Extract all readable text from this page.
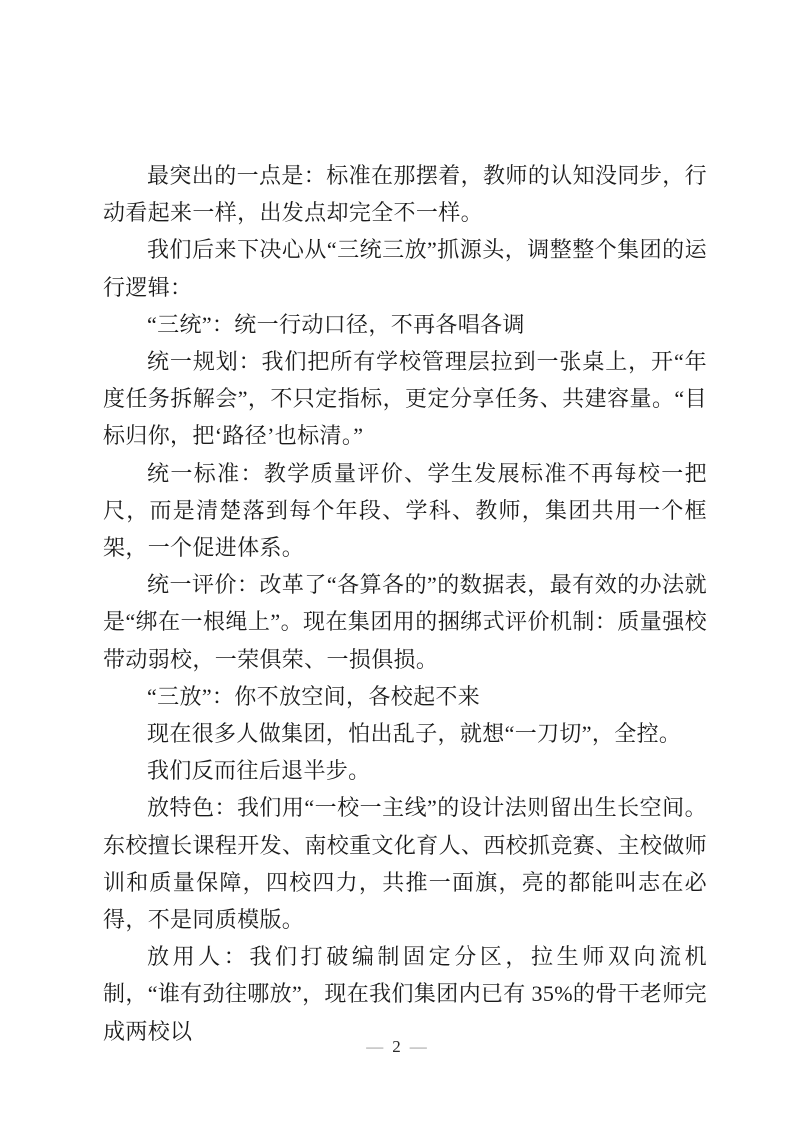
最突出的一点是：标准在那摆着，教师的认知没同步，行动看起来一样，出发点却完全不一样。

我们后来下决心从“三统三放”抓源头，调整整个集团的运行逻辑：

“三统”：统一行动口径，不再各唱各调

统一规划：我们把所有学校管理层拉到一张桌上，开“年度任务拆解会”，不只定指标，更定分享任务、共建容量。“目标归你，把‘路径’也标清。”

统一标准：教学质量评价、学生发展标准不再每校一把尺，而是清楚落到每个年段、学科、教师，集团共用一个框架，一个促进体系。

统一评价：改革了“各算各的”的数据表，最有效的办法就是“绑在一根绳上”。现在集团用的捆绑式评价机制：质量强校带动弱校，一荣俱荣、一损俱损。

“三放”：你不放空间，各校起不来

现在很多人做集团，怕出乱子，就想“一刀切”，全控。

我们反而往后退半步。

放特色：我们用“一校一主线”的设计法则留出生长空间。东校擅长课程开发、南校重文化育人、西校抓竞赛、主校做师训和质量保障，四校四力，共推一面旗，亮的都能叫志在必得，不是同质模版。

放用人：我们打破编制固定分区，拉生师双向流机制，“谁有劲往哪放”，现在我们集团内已有 35%的骨干老师完成两校以

— 2 —
